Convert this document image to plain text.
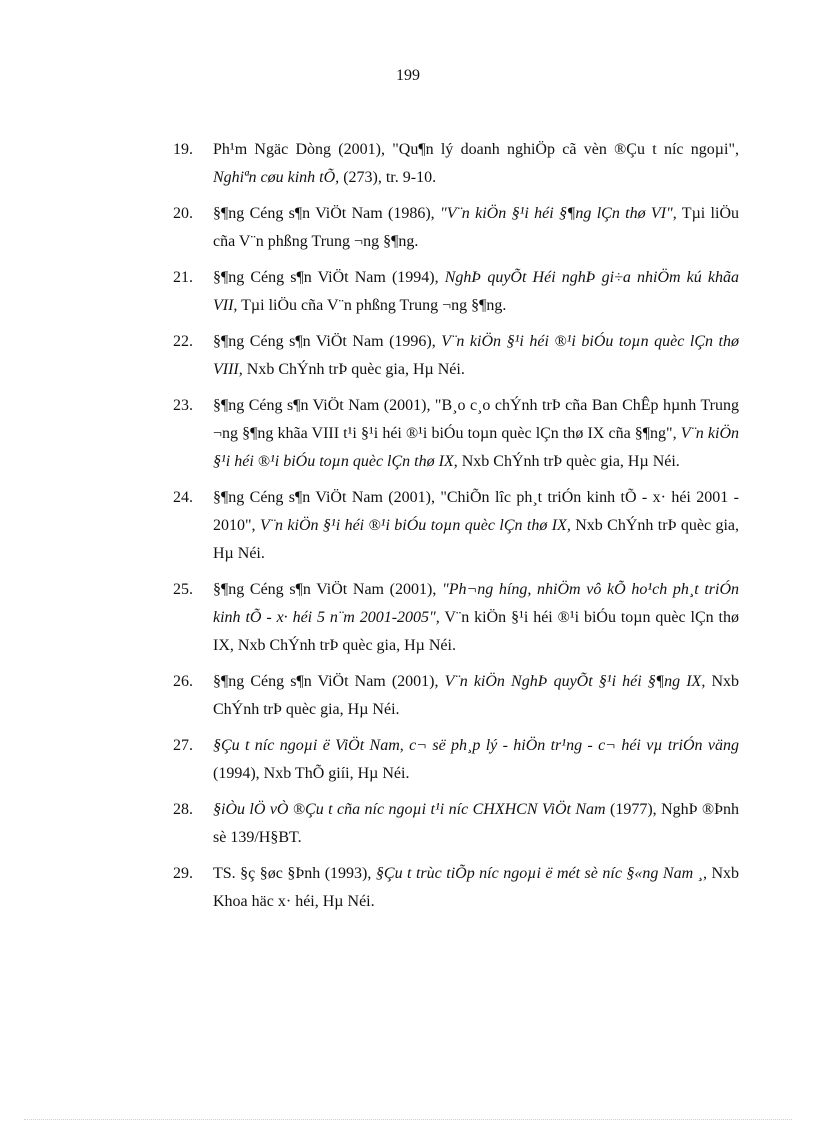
199
19. Ph¹m Ngäc Dòng (2001), "Qu¶n lý doanh nghiÖp cã vèn ®Çu t níc ngoµi", Nghiªn cøu kinh tÕ, (273), tr. 9-10.
20. §¶ng Céng s¶n ViÖt Nam (1986), "V¨n kiÖn §¹i héi §¶ng lÇn thø VI", Tµi liÖu cña V¨n phßng Trung ¬ng §¶ng.
21. §¶ng Céng s¶n ViÖt Nam (1994), NghÞ quyÕt Héi nghÞ gi÷a nhiÖm kú khãa VII, Tµi liÖu cña V¨n phßng Trung ¬ng §¶ng.
22. §¶ng Céng s¶n ViÖt Nam (1996), V¨n kiÖn §¹i héi ®¹i biÓu toµn quèc lÇn thø VIII, Nxb ChÝnh trÞ quèc gia, Hµ Néi.
23. §¶ng Céng s¶n ViÖt Nam (2001), "B¸o c¸o chÝnh trÞ cña Ban ChÊp hµnh Trung ¬ng §¶ng khãa VIII t¹i §¹i héi ®¹i biÓu toµn quèc lÇn thø IX cña §¶ng", V¨n kiÖn §¹i héi ®¹i biÓu toµn quèc lÇn thø IX, Nxb ChÝnh trÞ quèc gia, Hµ Néi.
24. §¶ng Céng s¶n ViÖt Nam (2001), "ChiÕn lîc ph¸t triÓn kinh tÕ - x· héi 2001 - 2010", V¨n kiÖn §¹i héi ®¹i biÓu toµn quèc lÇn thø IX, Nxb ChÝnh trÞ quèc gia, Hµ Néi.
25. §¶ng Céng s¶n ViÖt Nam (2001), "Ph¬ng híng, nhiÖm vô kÕ ho¹ch ph¸t triÓn kinh tÕ - x· héi 5 n¨m 2001-2005", V¨n kiÖn §¹i héi ®¹i biÓu toµn quèc lÇn thø IX, Nxb ChÝnh trÞ quèc gia, Hµ Néi.
26. §¶ng Céng s¶n ViÖt Nam (2001), V¨n kiÖn NghÞ quyÕt §¹i héi §¶ng IX, Nxb ChÝnh trÞ quèc gia, Hµ Néi.
27. §Çu t níc ngoµi ë ViÖt Nam, c¬ së ph¸p lý - hiÖn tr¹ng - c¬ héi vµ triÓn väng (1994), Nxb ThÕ giíi, Hµ Néi.
28. §iÒu lÖ vÒ ®Çu t cña níc ngoµi t¹i níc CHXHCN ViÖt Nam (1977), NghÞ ®Þnh sè 139/H§BT.
29. TS. §ç §øc §Þnh (1993), §Çu t trùc tiÕp níc ngoµi ë mét sè níc §«ng Nam ¸, Nxb Khoa häc x· héi, Hµ Néi.
